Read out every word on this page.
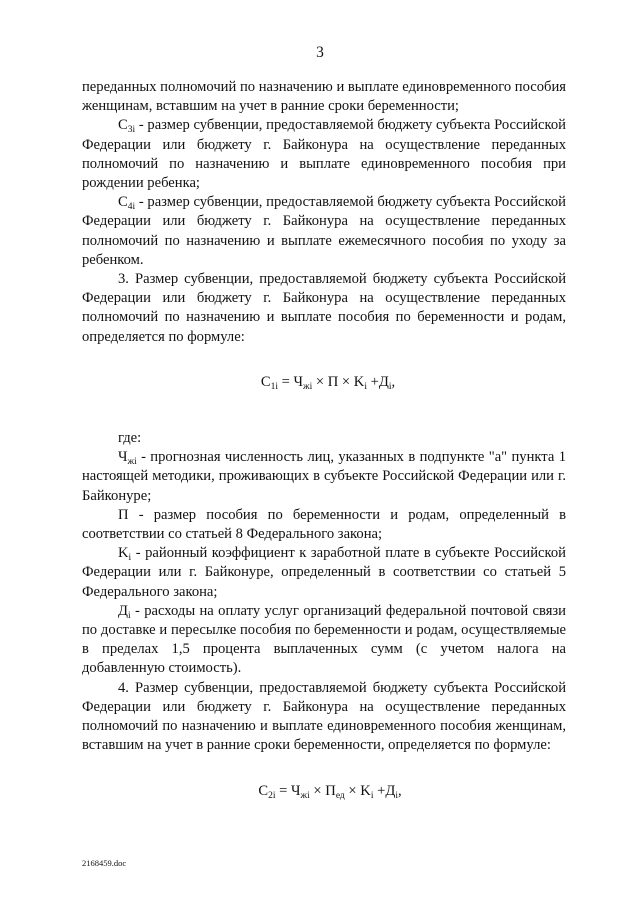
3

переданных полномочий по назначению и выплате единовременного пособия женщинам, вставшим на учет в ранние сроки беременности;

$C_{3i}$ - размер субвенции, предоставляемой бюджету субъекта Российской Федерации или бюджету г. Байконура на осуществление переданных полномочий по назначению и выплате единовременного пособия при рождении ребенка;

$C_{4i}$ - размер субвенции, предоставляемой бюджету субъекта Российской Федерации или бюджету г. Байконура на осуществление переданных полномочий по назначению и выплате ежемесячного пособия по уходу за ребенком.

3. Размер субвенции, предоставляемой бюджету субъекта Российской Федерации или бюджету г. Байконура на осуществление переданных полномочий по назначению и выплате пособия по беременности и родам, определяется по формуле:

$C_{1i} = Ч_{жi} \times П \times K_i +Д_i$,

где:

$Ч_{жi}$ - прогнозная численность лиц, указанных в подпункте "а" пункта 1 настоящей методики, проживающих в субъекте Российской Федерации или г. Байконуре;

П - размер пособия по беременности и родам, определенный в соответствии со статьей 8 Федерального закона;

$K_i$ - районный коэффициент к заработной плате в субъекте Российской Федерации или г. Байконуре, определенный в соответствии со статьей 5 Федерального закона;

$Д_i$ - расходы на оплату услуг организаций федеральной почтовой связи по доставке и пересылке пособия по беременности и родам, осуществляемые в пределах 1,5 процента выплаченных сумм (с учетом налога на добавленную стоимость).

4. Размер субвенции, предоставляемой бюджету субъекта Российской Федерации или бюджету г. Байконура на осуществление переданных полномочий по назначению и выплате единовременного пособия женщинам, вставшим на учет в ранние сроки беременности, определяется по формуле:

$C_{2i} = Ч_{жi} \times П_{ед} \times K_i +Д_i$,

2168459.doc
